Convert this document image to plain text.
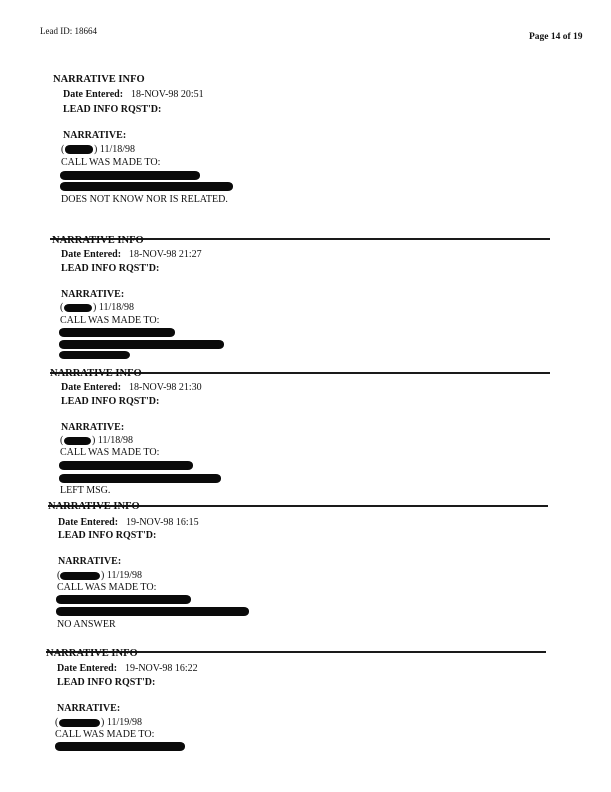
Lead ID: 18664
Page 14 of 19
NARRATIVE INFO
Date Entered: 18-NOV-98 20:51
LEAD INFO RQST'D:
NARRATIVE:
(	) 11/18/98
CALL WAS MADE TO:
DOES NOT KNOW NOR IS RELATED.
NARRATIVE INFO
Date Entered: 18-NOV-98 21:27
LEAD INFO RQST'D:
NARRATIVE:
(	) 11/18/98
CALL WAS MADE TO:
NARRATIVE INFO
Date Entered: 18-NOV-98 21:30
LEAD INFO RQST'D:
NARRATIVE:
(	) 11/18/98
CALL WAS MADE TO:
LEFT MSG.
NARRATIVE INFO
Date Entered: 19-NOV-98 16:15
LEAD INFO RQST'D:
NARRATIVE:
(	) 11/19/98
CALL WAS MADE TO:
NO ANSWER
NARRATIVE INFO
Date Entered: 19-NOV-98 16:22
LEAD INFO RQST'D:
NARRATIVE:
(	) 11/19/98
CALL WAS MADE TO:
